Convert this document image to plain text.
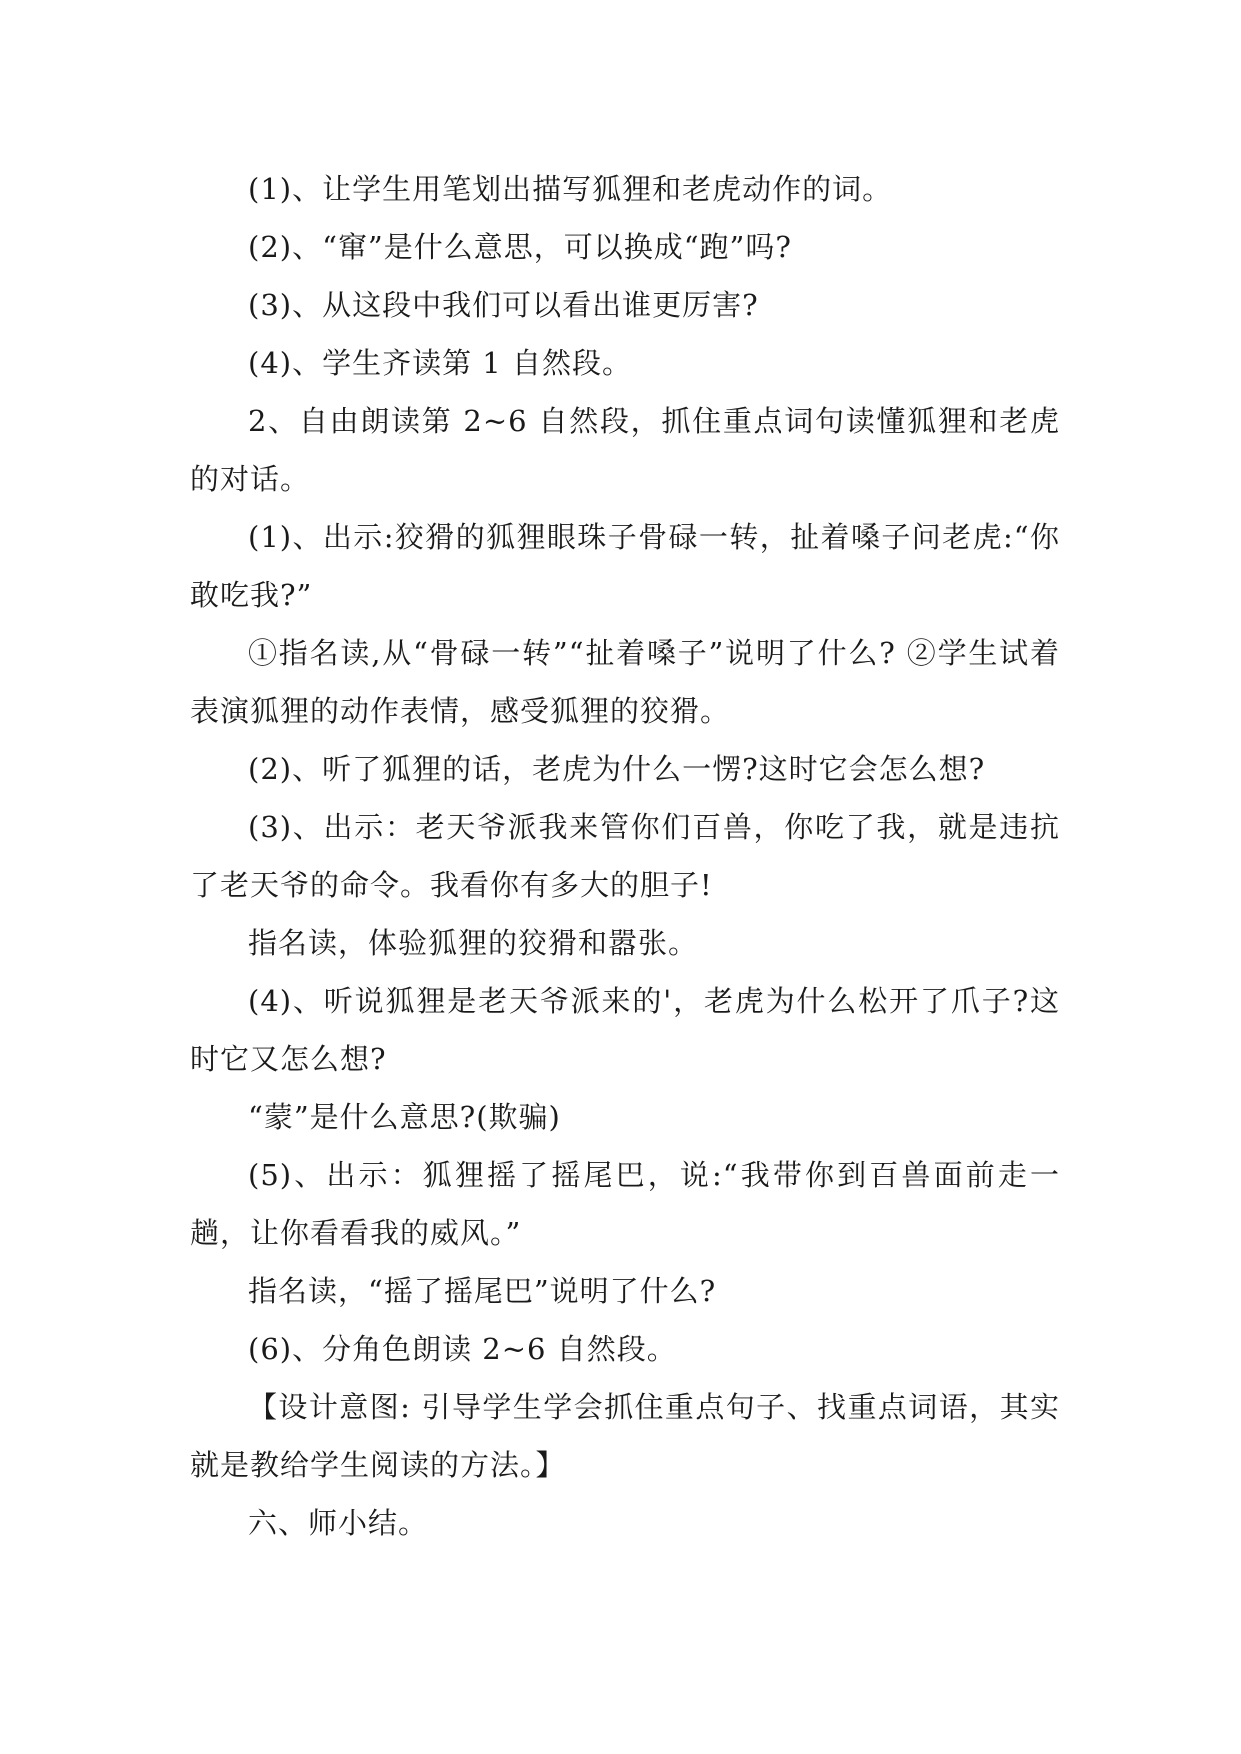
(1)、让学生用笔划出描写狐狸和老虎动作的词。

(2)、“窜”是什么意思，可以换成“跑”吗?

(3)、从这段中我们可以看出谁更厉害?

(4)、学生齐读第 1 自然段。

2、自由朗读第 2~6 自然段，抓住重点词句读懂狐狸和老虎的对话。

(1)、出示:狡猾的狐狸眼珠子骨碌一转，扯着嗓子问老虎:“你敢吃我?”

①指名读,从“骨碌一转”“扯着嗓子”说明了什么? ②学生试着表演狐狸的动作表情，感受狐狸的狡猾。

(2)、听了狐狸的话，老虎为什么一愣?这时它会怎么想?

(3)、出示：老天爷派我来管你们百兽，你吃了我，就是违抗了老天爷的命令。我看你有多大的胆子!

指名读，体验狐狸的狡猾和嚣张。

(4)、听说狐狸是老天爷派来的'，老虎为什么松开了爪子?这时它又怎么想?

“蒙”是什么意思?(欺骗)

(5)、出示：狐狸摇了摇尾巴，说:“我带你到百兽面前走一趟，让你看看我的威风。”

指名读，“摇了摇尾巴”说明了什么?

(6)、分角色朗读 2~6 自然段。

【设计意图: 引导学生学会抓住重点句子、找重点词语，其实就是教给学生阅读的方法。】

六、师小结。
